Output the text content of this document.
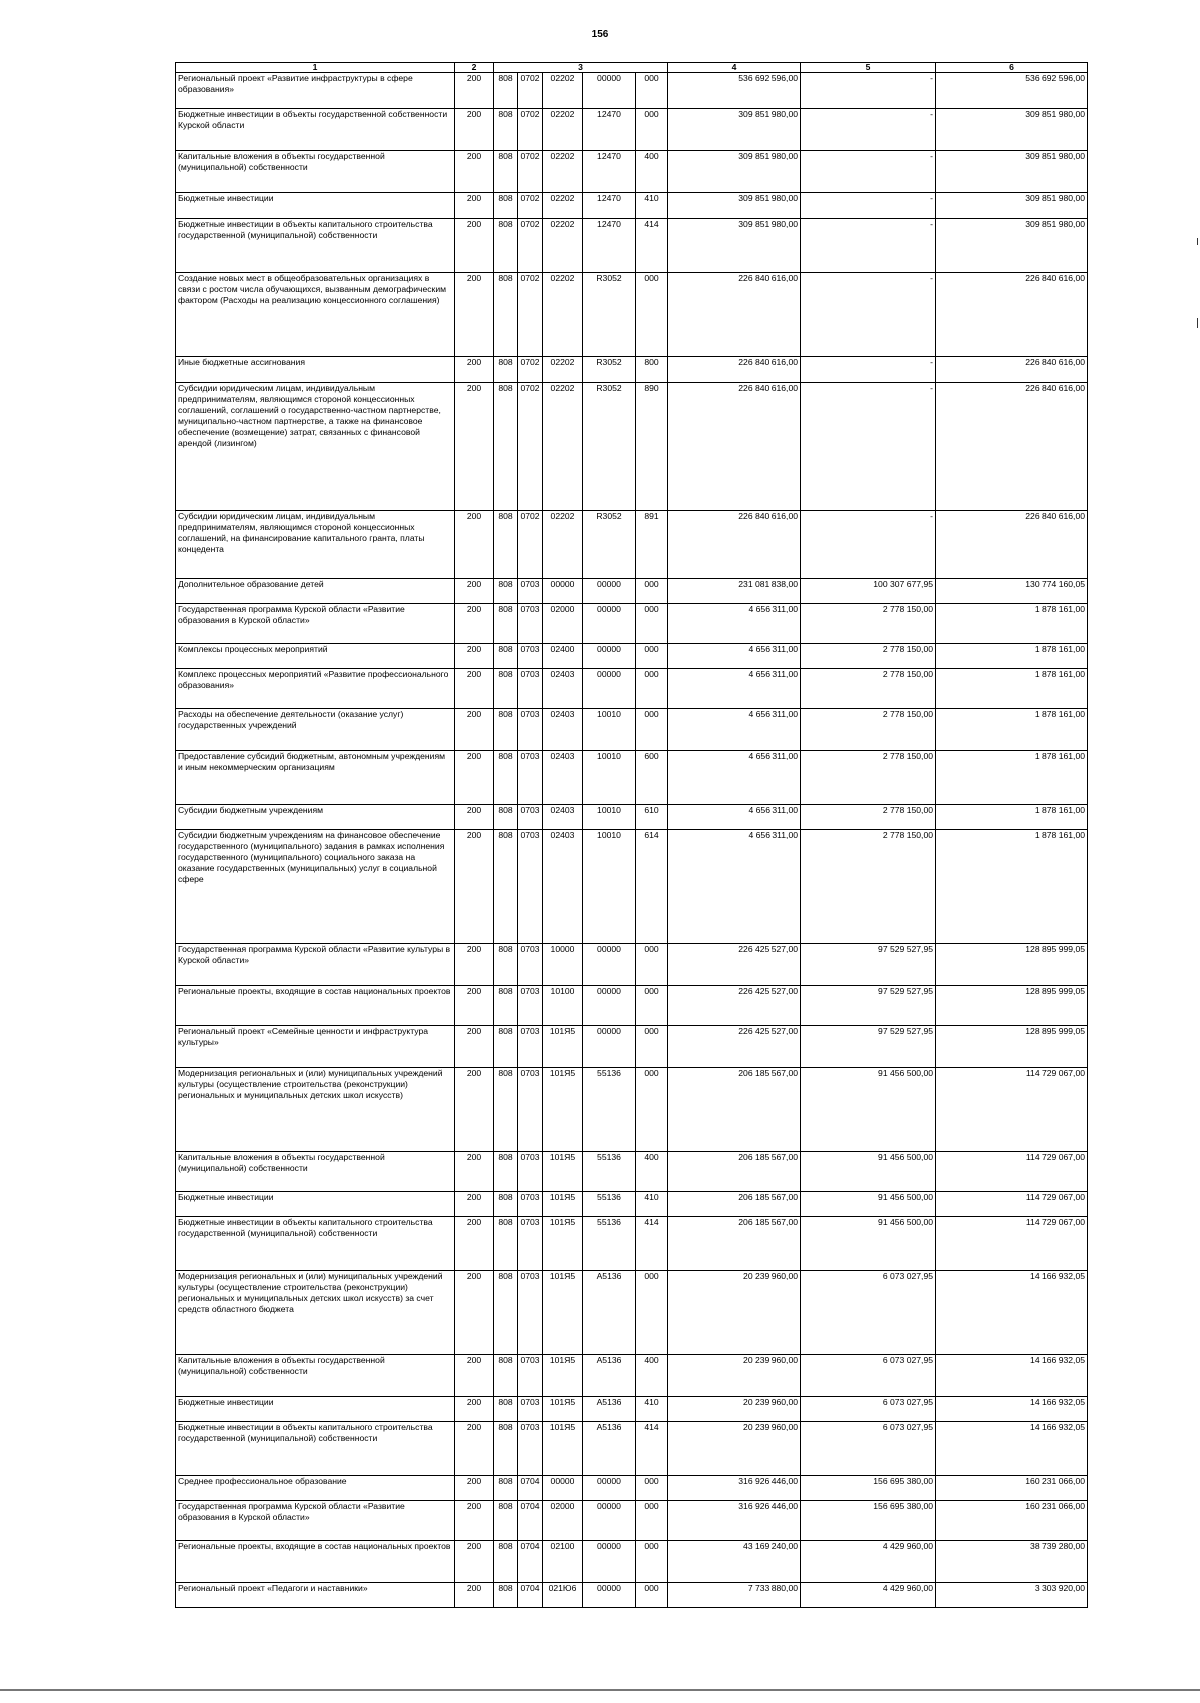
156
1	2	3					4	5	6
Региональный проект «Развитие инфраструктуры в сфере образования»	200	808	0702	02202	00000	000	536 692 596,00	-	536 692 596,00
Бюджетные инвестиции в объекты государственной собственности Курской области	200	808	0702	02202	12470	000	309 851 980,00	-	309 851 980,00
Капитальные вложения в объекты государственной (муниципальной) собственности	200	808	0702	02202	12470	400	309 851 980,00	-	309 851 980,00
Бюджетные инвестиции	200	808	0702	02202	12470	410	309 851 980,00	-	309 851 980,00
Бюджетные инвестиции в объекты капитального строительства государственной (муниципальной) собственности	200	808	0702	02202	12470	414	309 851 980,00	-	309 851 980,00
Создание новых мест в общеобразовательных организациях в связи с ростом числа обучающихся, вызванным демографическим фактором (Расходы на реализацию концессионного соглашения)	200	808	0702	02202	R3052	000	226 840 616,00	-	226 840 616,00
Иные бюджетные ассигнования	200	808	0702	02202	R3052	800	226 840 616,00	-	226 840 616,00
Субсидии юридическим лицам, индивидуальным предпринимателям, являющимся стороной концессионных соглашений, соглашений о государственно-частном партнерстве, муниципально-частном партнерстве, а также на финансовое обеспечение (возмещение) затрат, связанных с финансовой арендой (лизингом)	200	808	0702	02202	R3052	890	226 840 616,00	-	226 840 616,00
Субсидии юридическим лицам, индивидуальным предпринимателям, являющимся стороной концессионных соглашений, на финансирование капитального гранта, платы концедента	200	808	0702	02202	R3052	891	226 840 616,00	-	226 840 616,00
Дополнительное образование детей	200	808	0703	00000	00000	000	231 081 838,00	100 307 677,95	130 774 160,05
Государственная программа Курской области «Развитие образования в Курской области»	200	808	0703	02000	00000	000	4 656 311,00	2 778 150,00	1 878 161,00
Комплексы процессных мероприятий	200	808	0703	02400	00000	000	4 656 311,00	2 778 150,00	1 878 161,00
Комплекс процессных мероприятий «Развитие профессионального образования»	200	808	0703	02403	00000	000	4 656 311,00	2 778 150,00	1 878 161,00
Расходы на обеспечение деятельности (оказание услуг) государственных учреждений	200	808	0703	02403	10010	000	4 656 311,00	2 778 150,00	1 878 161,00
Предоставление субсидий бюджетным, автономным учреждениям и иным некоммерческим организациям	200	808	0703	02403	10010	600	4 656 311,00	2 778 150,00	1 878 161,00
Субсидии бюджетным учреждениям	200	808	0703	02403	10010	610	4 656 311,00	2 778 150,00	1 878 161,00
Субсидии бюджетным учреждениям на финансовое обеспечение государственного (муниципального) задания в рамках исполнения государственного (муниципального) социального заказа на оказание государственных (муниципальных) услуг в социальной сфере	200	808	0703	02403	10010	614	4 656 311,00	2 778 150,00	1 878 161,00
Государственная программа Курской области «Развитие культуры в Курской области»	200	808	0703	10000	00000	000	226 425 527,00	97 529 527,95	128 895 999,05
Региональные проекты, входящие в состав национальных проектов	200	808	0703	10100	00000	000	226 425 527,00	97 529 527,95	128 895 999,05
Региональный проект «Семейные ценности и инфраструктура культуры»	200	808	0703	101Я5	00000	000	226 425 527,00	97 529 527,95	128 895 999,05
Модернизация региональных и (или) муниципальных учреждений культуры (осуществление строительства (реконструкции) региональных и муниципальных детских школ искусств)	200	808	0703	101Я5	55136	000	206 185 567,00	91 456 500,00	114 729 067,00
Капитальные вложения в объекты государственной (муниципальной) собственности	200	808	0703	101Я5	55136	400	206 185 567,00	91 456 500,00	114 729 067,00
Бюджетные инвестиции	200	808	0703	101Я5	55136	410	206 185 567,00	91 456 500,00	114 729 067,00
Бюджетные инвестиции в объекты капитального строительства государственной (муниципальной) собственности	200	808	0703	101Я5	55136	414	206 185 567,00	91 456 500,00	114 729 067,00
Модернизация региональных и (или) муниципальных учреждений культуры (осуществление строительства (реконструкции) региональных и муниципальных детских школ искусств) за счет средств областного бюджета	200	808	0703	101Я5	A5136	000	20 239 960,00	6 073 027,95	14 166 932,05
Капитальные вложения в объекты государственной (муниципальной) собственности	200	808	0703	101Я5	A5136	400	20 239 960,00	6 073 027,95	14 166 932,05
Бюджетные инвестиции	200	808	0703	101Я5	A5136	410	20 239 960,00	6 073 027,95	14 166 932,05
Бюджетные инвестиции в объекты капитального строительства государственной (муниципальной) собственности	200	808	0703	101Я5	A5136	414	20 239 960,00	6 073 027,95	14 166 932,05
Среднее профессиональное образование	200	808	0704	00000	00000	000	316 926 446,00	156 695 380,00	160 231 066,00
Государственная программа Курской области «Развитие образования в Курской области»	200	808	0704	02000	00000	000	316 926 446,00	156 695 380,00	160 231 066,00
Региональные проекты, входящие в состав национальных проектов	200	808	0704	02100	00000	000	43 169 240,00	4 429 960,00	38 739 280,00
Региональный проект «Педагоги и наставники»	200	808	0704	021Ю6	00000	000	7 733 880,00	4 429 960,00	3 303 920,00
